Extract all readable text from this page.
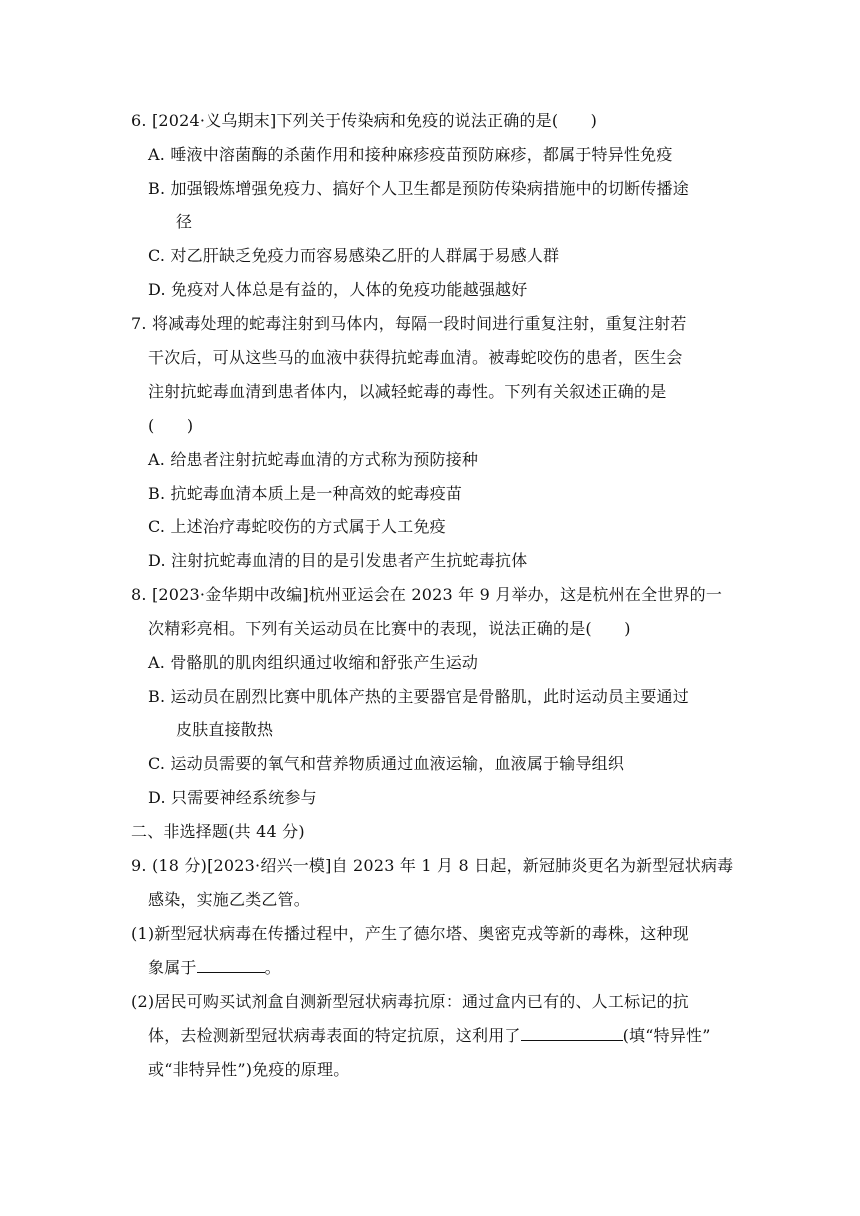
6. [2024·义乌期末]下列关于传染病和免疫的说法正确的是(　　)
A. 唾液中溶菌酶的杀菌作用和接种麻疹疫苗预防麻疹，都属于特异性免疫
B. 加强锻炼增强免疫力、搞好个人卫生都是预防传染病措施中的切断传播途
径
C. 对乙肝缺乏免疫力而容易感染乙肝的人群属于易感人群
D. 免疫对人体总是有益的，人体的免疫功能越强越好
7. 将减毒处理的蛇毒注射到马体内，每隔一段时间进行重复注射，重复注射若
干次后，可从这些马的血液中获得抗蛇毒血清。被毒蛇咬伤的患者，医生会
注射抗蛇毒血清到患者体内，以减轻蛇毒的毒性。下列有关叙述正确的是
(　　)
A. 给患者注射抗蛇毒血清的方式称为预防接种
B. 抗蛇毒血清本质上是一种高效的蛇毒疫苗
C. 上述治疗毒蛇咬伤的方式属于人工免疫
D. 注射抗蛇毒血清的目的是引发患者产生抗蛇毒抗体
8. [2023·金华期中改编]杭州亚运会在 2023 年 9 月举办，这是杭州在全世界的一
次精彩亮相。下列有关运动员在比赛中的表现，说法正确的是(　　)
A. 骨骼肌的肌肉组织通过收缩和舒张产生运动
B. 运动员在剧烈比赛中肌体产热的主要器官是骨骼肌，此时运动员主要通过
皮肤直接散热
C. 运动员需要的氧气和营养物质通过血液运输，血液属于输导组织
D. 只需要神经系统参与
二、非选择题(共 44 分)
9. (18 分)[2023·绍兴一模]自 2023 年 1 月 8 日起，新冠肺炎更名为新型冠状病毒
感染，实施乙类乙管。
(1)新型冠状病毒在传播过程中，产生了德尔塔、奥密克戎等新的毒株，这种现
象属于	。
(2)居民可购买试剂盒自测新型冠状病毒抗原：通过盒内已有的、人工标记的抗
体，去检测新型冠状病毒表面的特定抗原，这利用了	(填“特异性”
或“非特异性”)免疫的原理。
